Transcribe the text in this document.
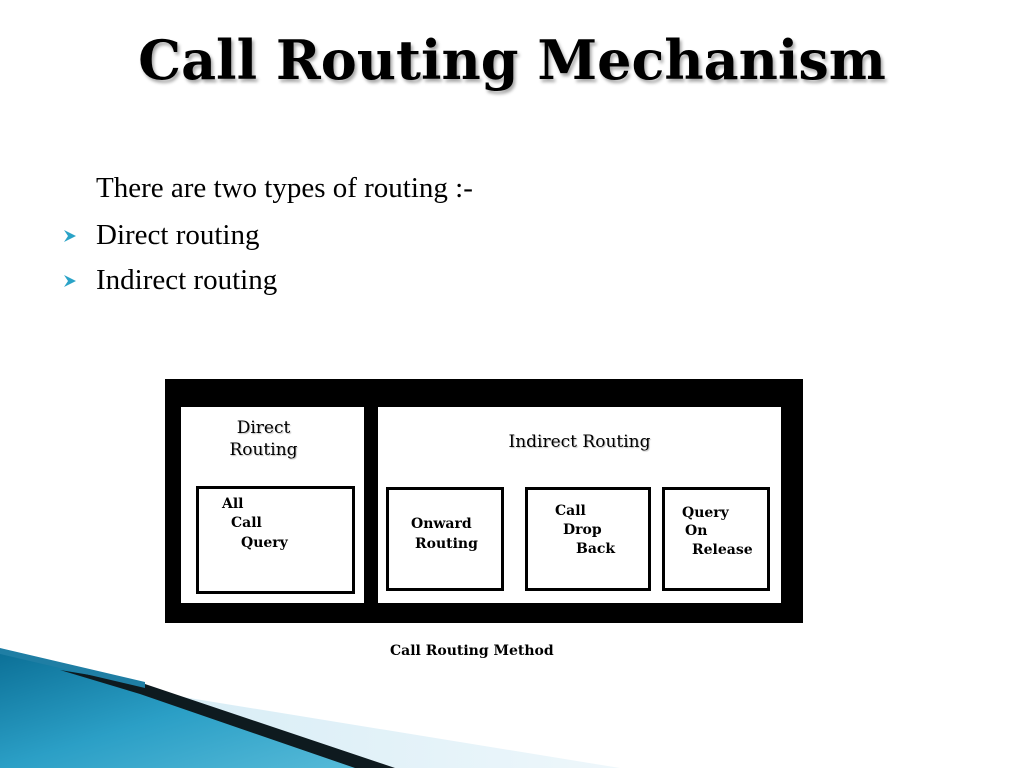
Call Routing Mechanism
There are two types of routing :-
Direct routing
Indirect routing
Direct
Routing
All
Call
Query
Indirect Routing
Onward
Routing
Call
Drop
Back
Query
On
Release
Call Routing Method
